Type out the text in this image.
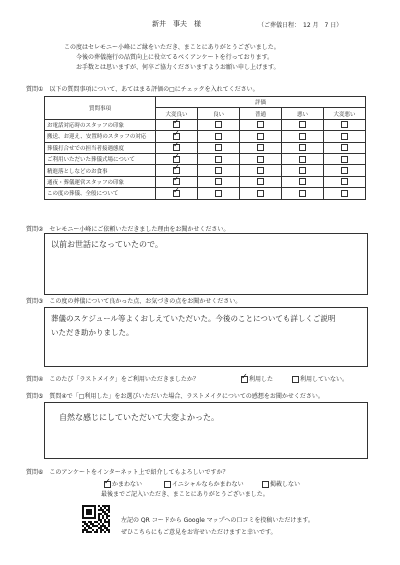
新井　事夫　様	（ご葬儀日程：　12 月　7 日）
この度はセレモニー小峰にご縁をいただき、まことにありがとうございました。
今後の葬儀施行の品質向上に役立てるべくアンケートを行っております。
お手数とは思いますが、何卒ご協力くださいますようお願い申し上げます。
質問①　以下の質問事項について、あてはまる評価の□にチェックを入れてください。
質問事項	評価				
	大変良い	良い	普通	悪い	大変悪い
お電話対応時のスタッフの印象	✓				

搬送、お迎え、安置時のスタッフの対応	✓				

葬儀打合せでの担当者接遇態度	✓				

ご利用いただいた葬儀式場について	✓				

精進落としなどのお食事	✓				

通夜・葬儀運営スタッフの印象	✓				

この度の葬儀、全般について	✓				

質問②　セレモニー小峰にご依頼いただきました理由をお聞かせください。
以前お世話になっていたので。
質問③　この度の葬儀について良かった点、お気づきの点をお聞かせください。
葬儀のスケジュール等よくおしえていただいた。今後のことについても詳しくご説明
いただき助かりました。
質問④　このたび「ラストメイク」をご利用いただきましたか？	✓ 利用した	利用していない。
質問⑤　質問④で「□利用した」をお選びいただいた場合、ラストメイクについての感想をお聞かせください。
自然な感じにしていただいて大変よかった。
質問⑥　このアンケートをインターネット上で紹介してもよろしいですか？
✓ かまわない	イニシャルならかまわない	掲載しない
最後までご記入いただき、まことにありがとうございました。
左記の QR コードから Google マップへの口コミを投稿いただけます。
ぜひこちらにもご意見をお寄せいただけますと幸いです。
